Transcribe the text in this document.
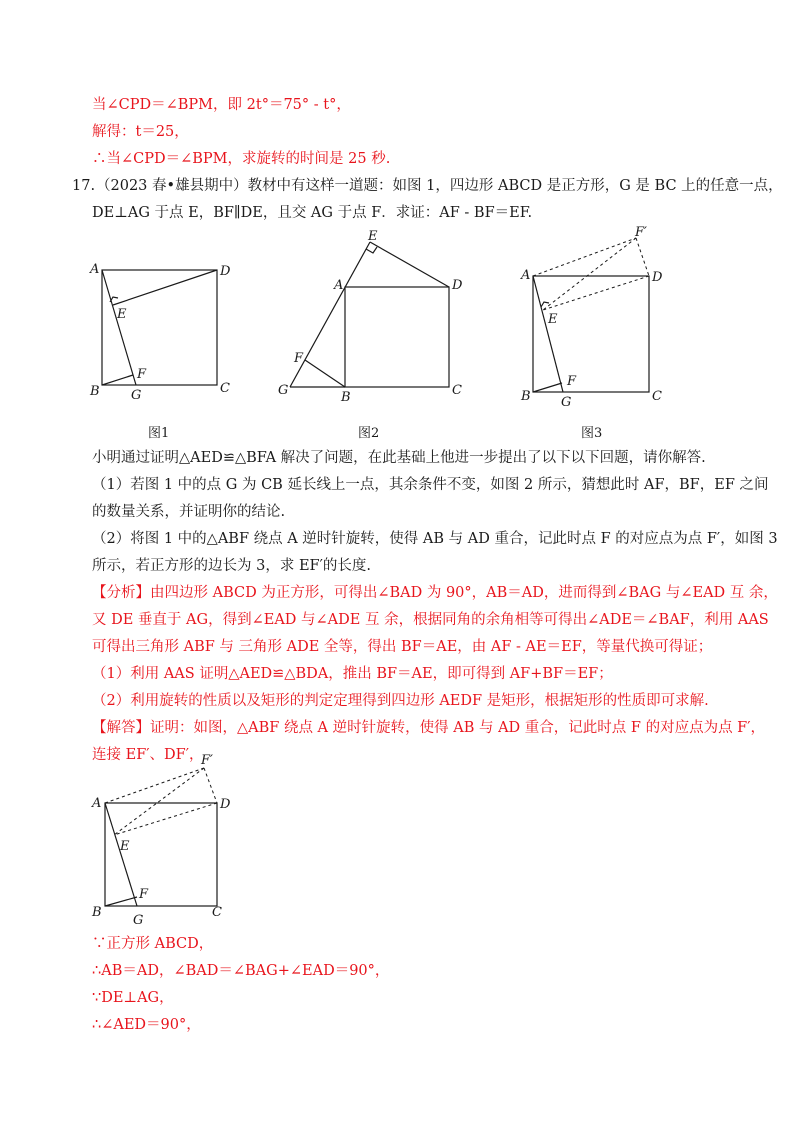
当∠CPD＝∠BPM，即 2t°＝75° - t°，
解得：t＝25，
∴当∠CPD＝∠BPM，求旋转的时间是 25 秒.
17. （2023 春•雄县期中）教材中有这样一道题：如图 1，四边形 ABCD 是正方形，G 是 BC 上的任意一点，
DE⊥AG 于点 E，BF∥DE，且交 AG 于点 F．求证：AF - BF＝EF.
A	D
E
F
B G	C
E
A	D
F
G	B	C
F′
A	D
E
F
B G	C
图1	图2	图3
F′
A	D
E
F
B
G
C
小明通过证明△AED≌△BFA 解决了问题，在此基础上他进一步提出了以下以下回题，请你解答.
（1）若图 1 中的点 G 为 CB 延长线上一点，其余条件不变，如图 2 所示，猜想此时 AF，BF，EF 之间
的数量关系，并证明你的结论.
（2）将图 1 中的△ABF 绕点 A 逆时针旋转，使得 AB 与 AD 重合，记此时点 F 的对应点为点 F′，如图 3
所示，若正方形的边长为 3，求 EF′的长度.
【分析】由四边形 ABCD 为正方形，可得出∠BAD 为 90°，AB＝AD，进而得到∠BAG 与∠EAD 互 余，
又 DE 垂直于 AG，得到∠EAD 与∠ADE 互 余，根据同角的余角相等可得出∠ADE＝∠BAF，利用 AAS
可得出三角形 ABF 与 三角形 ADE 全等，得出 BF＝AE，由 AF - AE＝EF，等量代换可得证；
（1）利用 AAS 证明△AED≌△BDA，推出 BF＝AE，即可得到 AF+BF＝EF；
（2）利用旋转的性质以及矩形的判定定理得到四边形 AEDF 是矩形，根据矩形的性质即可求解.
【解答】证明：如图，△ABF 绕点 A 逆时针旋转，使得 AB 与 AD 重合，记此时点 F 的对应点为点 F′，
连接 EF′、DF′，
∵正方形 ABCD，
∴AB＝AD，∠BAD＝∠BAG+∠EAD＝90°，
∵DE⊥AG，
∴∠AED＝90°，
